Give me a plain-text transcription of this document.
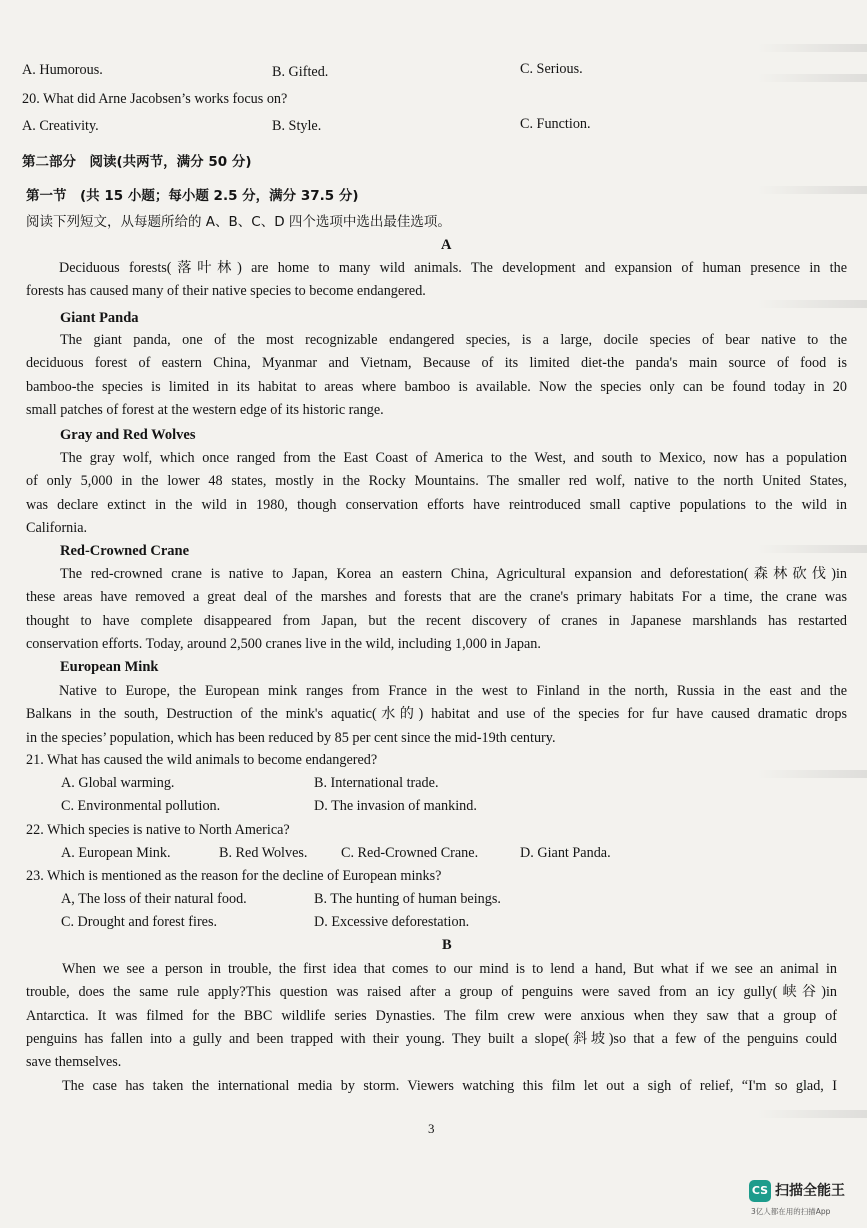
A. Humorous.	B. Gifted.	C. Serious.
20. What did Arne Jacobsen’s works focus on?
A. Creativity.	B. Style.	C. Function.
第二部分　阅读(共两节，满分 50 分)
第一节　(共 15 小题；每小题 2.5 分，满分 37.5 分)
阅读下列短文，从每题所给的 A、B、C、D 四个选项中选出最佳选项。
A
Deciduous forests(落叶林) are home to many wild animals. The development and expansion of human presence in the
forests has caused many of their native species to become endangered.
Giant Panda
The giant panda, one of the most recognizable endangered species, is a large, docile species of bear native to the
deciduous forest of eastern China, Myanmar and Vietnam, Because of its limited diet-the panda's main source of food is
bamboo-the species is limited in its habitat to areas where bamboo is available. Now the species only can be found today in 20
small patches of forest at the western edge of its historic range.
Gray and Red Wolves
The gray wolf, which once ranged from the East Coast of America to the West, and south to Mexico, now has a population
of only 5,000 in the lower 48 states, mostly in the Rocky Mountains. The smaller red wolf, native to the north United States,
was declare extinct in the wild in 1980, though conservation efforts have reintroduced small captive populations to the wild in
California.
Red-Crowned Crane
The red-crowned crane is native to Japan, Korea an eastern China, Agricultural expansion and deforestation(森林砍伐)in
these areas have removed a great deal of the marshes and forests that are the crane's primary habitats For a time, the crane was
thought to have complete disappeared from Japan, but the recent discovery of cranes in Japanese marshlands has restarted
conservation efforts. Today, around 2,500 cranes live in the wild, including 1,000 in Japan.
European Mink
Native to Europe, the European mink ranges from France in the west to Finland in the north, Russia in the east and the
Balkans in the south, Destruction of the mink's aquatic(水的) habitat and use of the species for fur have caused dramatic drops
in the species’ population, which has been reduced by 85 per cent since the mid-19th century.
21. What has caused the wild animals to become endangered?
A. Global warming.	B. International trade.
C. Environmental pollution.	D. The invasion of mankind.
22. Which species is native to North America?
A. European Mink.	B. Red Wolves. C. Red-Crowned Crane.	D. Giant Panda.
23. Which is mentioned as the reason for the decline of European minks?
A, The loss of their natural food.	B. The hunting of human beings.
C. Drought and forest fires.	D. Excessive deforestation.
B
When we see a person in trouble, the first idea that comes to our mind is to lend a hand, But what if we see an animal in
trouble, does the same rule apply?This question was raised after a group of penguins were saved from an icy gully(峡谷)in
Antarctica. It was filmed for the BBC wildlife series Dynasties. The film crew were anxious when they saw that a group of
penguins has fallen into a gully and been trapped with their young. They built a slope(斜坡)so that a few of the penguins could
save themselves.
The case has taken the international media by storm. Viewers watching this film let out a sigh of relief, “I'm so glad, I
3
CS 扫描全能王
3亿人都在用的扫描App
